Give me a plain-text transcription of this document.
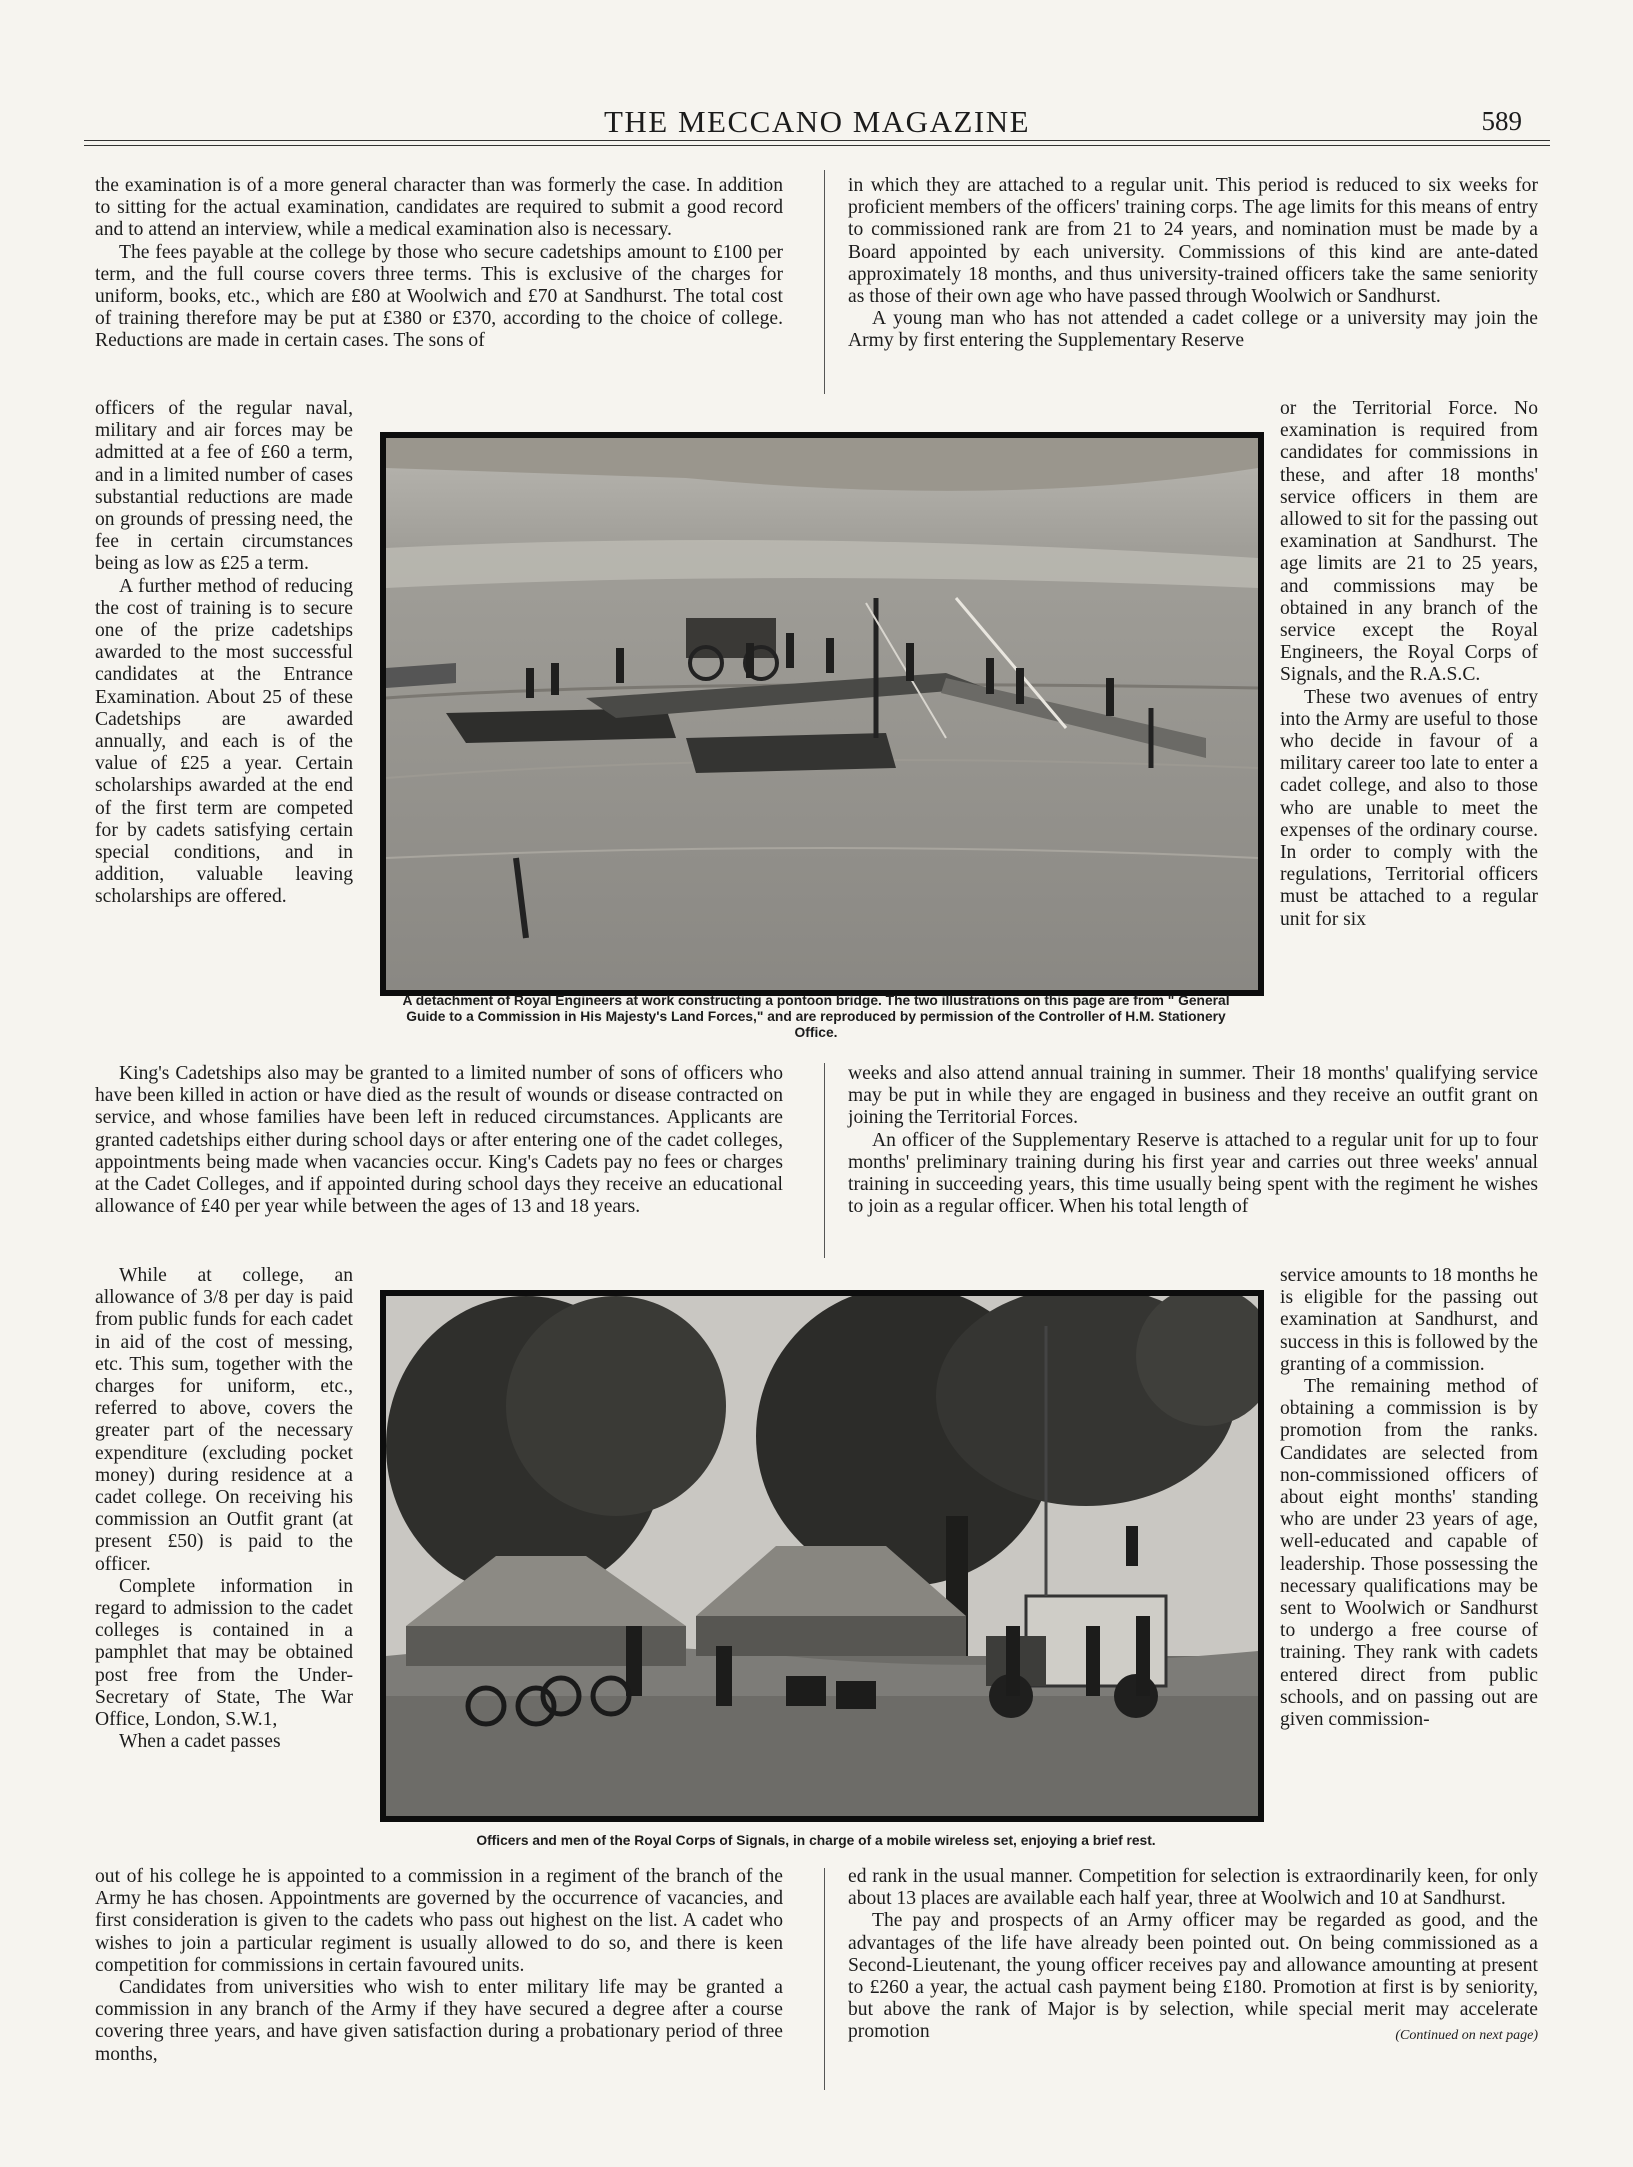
THE MECCANO MAGAZINE	589

the examination is of a more general character than was formerly the case. In addition to sitting for the actual examination, candidates are required to submit a good record and to attend an interview, while a medical examination also is necessary.

The fees payable at the college by those who secure cadetships amount to £100 per term, and the full course covers three terms. This is exclusive of the charges for uniform, books, etc., which are £80 at Woolwich and £70 at Sandhurst. The total cost of training therefore may be put at £380 or £370, according to the choice of college. Reductions are made in certain cases. The sons of

officers of the regular naval, military and air forces may be admitted at a fee of £60 a term, and in a limited number of cases substantial reductions are made on grounds of pressing need, the fee in certain circumstances being as low as £25 a term.

A further method of reducing the cost of training is to secure one of the prize cadetships awarded to the most successful candidates at the Entrance Examination. About 25 of these Cadetships are awarded annually, and each is of the value of £25 a year. Certain scholarships awarded at the end of the first term are competed for by cadets satisfying certain special conditions, and in addition, valuable leaving scholarships are offered.

King's Cadetships also may be granted to a limited number of sons of officers who have been killed in action or have died as the result of wounds or disease contracted on service, and whose families have been left in reduced circumstances. Applicants are granted cadetships either during school days or after entering one of the cadet colleges, appointments being made when vacancies occur. King's Cadets pay no fees or charges at the Cadet Colleges, and if appointed during school days they receive an educational allowance of £40 per year while between the ages of 13 and 18 years.

While at college, an allowance of 3/8 per day is paid from public funds for each cadet in aid of the cost of messing, etc. This sum, together with the charges for uniform, etc., referred to above, covers the greater part of the necessary expenditure (excluding pocket money) during residence at a cadet college. On receiving his commission an Outfit grant (at present £50) is paid to the officer.

Complete information in regard to admission to the cadet colleges is contained in a pamphlet that may be obtained post free from the Under-Secretary of State, The War Office, London, S.W.1,

When a cadet passes

out of his college he is appointed to a commission in a regiment of the branch of the Army he has chosen. Appointments are governed by the occurrence of vacancies, and first consideration is given to the cadets who pass out highest on the list. A cadet who wishes to join a particular regiment is usually allowed to do so, and there is keen competition for commissions in certain favoured units.

Candidates from universities who wish to enter military life may be granted a commission in any branch of the Army if they have secured a degree after a course covering three years, and have given satisfaction during a probationary period of three months,

in which they are attached to a regular unit. This period is reduced to six weeks for proficient members of the officers' training corps. The age limits for this means of entry to commissioned rank are from 21 to 24 years, and nomination must be made by a Board appointed by each university. Commissions of this kind are ante-dated approximately 18 months, and thus university-trained officers take the same seniority as those of their own age who have passed through Woolwich or Sandhurst.

A young man who has not attended a cadet college or a university may join the Army by first entering the Supplementary Reserve

or the Territorial Force. No examination is required from candidates for commissions in these, and after 18 months' service officers in them are allowed to sit for the passing out examination at Sandhurst. The age limits are 21 to 25 years, and commissions may be obtained in any branch of the service except the Royal Engineers, the Royal Corps of Signals, and the R.A.S.C.

These two avenues of entry into the Army are useful to those who decide in favour of a military career too late to enter a cadet college, and also to those who are unable to meet the expenses of the ordinary course. In order to comply with the regulations, Territorial officers must be attached to a regular unit for six

weeks and also attend annual training in summer. Their 18 months' qualifying service may be put in while they are engaged in business and they receive an outfit grant on joining the Territorial Forces.

An officer of the Supplementary Reserve is attached to a regular unit for up to four months' preliminary training during his first year and carries out three weeks' annual training in succeeding years, this time usually being spent with the regiment he wishes to join as a regular officer. When his total length of

service amounts to 18 months he is eligible for the passing out examination at Sandhurst, and success in this is followed by the granting of a commission.

The remaining method of obtaining a commission is by promotion from the ranks. Candidates are selected from non-commissioned officers of about eight months' standing who are under 23 years of age, well-educated and capable of leadership. Those possessing the necessary qualifications may be sent to Woolwich or Sandhurst to undergo a free course of training. They rank with cadets entered direct from public schools, and on passing out are given commission-

ed rank in the usual manner. Competition for selection is extraordinarily keen, for only about 13 places are available each half year, three at Woolwich and 10 at Sandhurst.

The pay and prospects of an Army officer may be regarded as good, and the advantages of the life have already been pointed out. On being commissioned as a Second-Lieutenant, the young officer receives pay and allowance amounting at present to £260 a year, the actual cash payment being £180. Promotion at first is by seniority, but above the rank of Major is by selection, while special merit may accelerate promotion	(Continued on next page)
A detachment of Royal Engineers at work constructing a pontoon bridge. The two illustrations on this page are from " General Guide to a Commission in His Majesty's Land Forces," and are reproduced by permission of the Controller of H.M. Stationery Office.
Officers and men of the Royal Corps of Signals, in charge of a mobile wireless set, enjoying a brief rest.
